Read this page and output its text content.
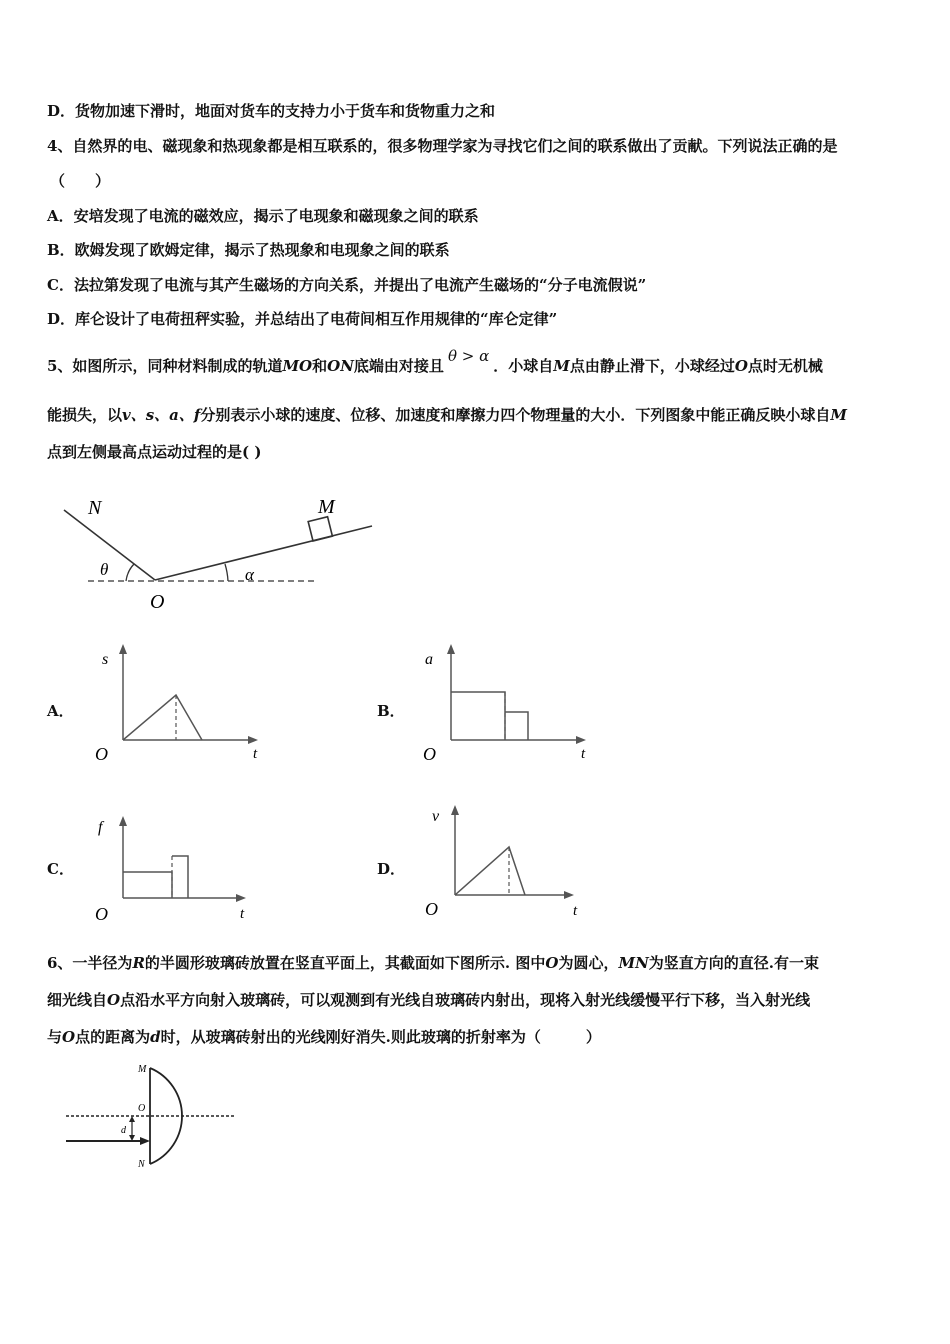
D．货物加速下滑时，地面对货车的支持力小于货车和货物重力之和
4、自然界的电、磁现象和热现象都是相互联系的，很多物理学家为寻找它们之间的联系做出了贡献。下列说法正确的是
（　　）
A．安培发现了电流的磁效应，揭示了电现象和磁现象之间的联系
B．欧姆发现了欧姆定律，揭示了热现象和电现象之间的联系
C．法拉第发现了电流与其产生磁场的方向关系，并提出了电流产生磁场的“分子电流假说”
D．库仑设计了电荷扭秤实验，并总结出了电荷间相互作用规律的“库仑定律”
5、如图所示，同种材料制成的轨道MO和ON底端由对接且θ > α．小球自M点由静止滑下，小球经过O点时无机械
能损失，以v、s、a、f分别表示小球的速度、位移、加速度和摩擦力四个物理量的大小．下列图象中能正确反映小球自M
点到左侧最高点运动过程的是( )
N	M
O
θ	α
A．
s
t
O
B．
a
t
O
C．
f
t
O
D．
v
t
O
6、一半径为R的半圆形玻璃砖放置在竖直平面上，其截面如下图所示. 图中O为圆心，MN为竖直方向的直径.有一束
细光线自O点沿水平方向射入玻璃砖，可以观测到有光线自玻璃砖内射出，现将入射光线缓慢平行下移，当入射光线
与O点的距离为d时，从玻璃砖射出的光线刚好消失.则此玻璃的折射率为（　　　）
M
O
N
d
